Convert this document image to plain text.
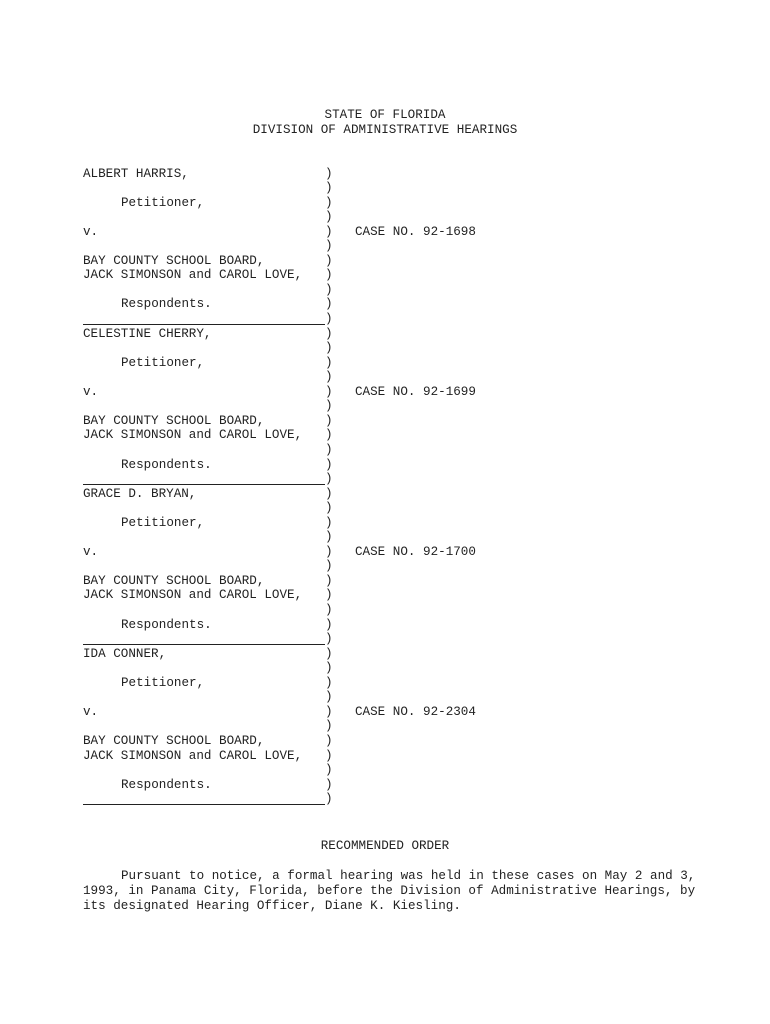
STATE OF FLORIDA
DIVISION OF ADMINISTRATIVE HEARINGS
ALBERT HARRIS,
Petitioner,
v.	CASE NO. 92-1698
BAY COUNTY SCHOOL BOARD,
JACK SIMONSON and CAROL LOVE,
Respondents.
)
)
)
)
)
)
)
)
)
)
)
CELESTINE CHERRY,
Petitioner,
v.	CASE NO. 92-1699
BAY COUNTY SCHOOL BOARD,
JACK SIMONSON and CAROL LOVE,
Respondents.
)
)
)
)
)
)
)
)
)
)
)
GRACE D. BRYAN,
Petitioner,
v.	CASE NO. 92-1700
BAY COUNTY SCHOOL BOARD,
JACK SIMONSON and CAROL LOVE,
Respondents.
)
)
)
)
)
)
)
)
)
)
)
IDA CONNER,
Petitioner,
v.	CASE NO. 92-2304
BAY COUNTY SCHOOL BOARD,
JACK SIMONSON and CAROL LOVE,
Respondents.
)
)
)
)
)
)
)
)
)
)
)
RECOMMENDED ORDER

Pursuant to notice, a formal hearing was held in these cases on May 2 and 3, 1993, in Panama City, Florida, before the Division of Administrative Hearings, by its designated Hearing Officer, Diane K. Kiesling.
